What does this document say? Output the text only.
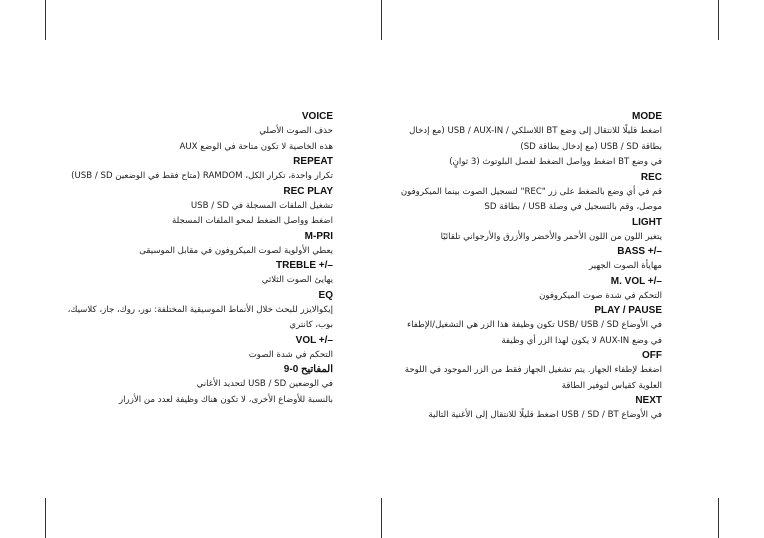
MODE
اضغط قليلًا للانتقال إلى وضع BT اللاسلكي / USB / AUX-IN (مع إدخال
بطاقة USB / SD (مع إدخال بطاقة SD)
في وضع BT اضغط وواصل الضغط لفصل البلوتوث (3 ثوانٍ)
REC
قم في أي وضع بالضغط على زر "REC" لتسجيل الصوت بينما الميكروفون
موصل، وقم بالتسجيل في وصلة USB / بطاقة SD
LIGHT
يتغير اللون من اللون الأحمر والأخضر والأزرق والأرجواني تلقائيًا
BASS +/–
مهايأة الصوت الجهير
M. VOL +/–
التحكم في شدة صوت الميكروفون
PLAY / PAUSE
في الأوضاع USB/ USB / SD تكون وظيفة هذا الزر هي التشغيل/الإطفاء
في وضع AUX-IN لا يكون لهذا الزر أي وظيفة
OFF
اضغط لإطفاء الجهاز. يتم تشغيل الجهاز فقط من الزر الموجود في اللوحة
العلوية كقياس لتوفير الطاقة
NEXT
في الأوضاع USB / SD / BT اضغط قليلًا للانتقال إلى الأغنية التالية
VOICE
حذف الصوت الأصلي
هذه الخاصية لا تكون متاحة في الوضع AUX
REPEAT
تكرار واحدة، تكرار الكل، RAMDOM (متاح فقط في الوضعين USB / SD)
REC PLAY
تشغيل الملفات المسجلة في USB / SD
اضغط وواصل الضغط لمحو الملفات المسجلة
M-PRI
يعطي الأولوية لصوت الميكروفون في مقابل الموسيقى
TREBLE +/–
يهايئ الصوت الثلاثي
EQ
إيكوالايزر للبحث خلال الأنماط الموسيقية المختلفة: نور، روك، جاز، كلاسيك،
بوب، كانتري
VOL +/–
التحكم في شدة الصوت
المفاتيح 0-9
في الوضعين USB / SD لتحديد الأغاني
بالنسبة للأوضاع الأخرى، لا تكون هناك وظيفة لعدد من الأزرار
